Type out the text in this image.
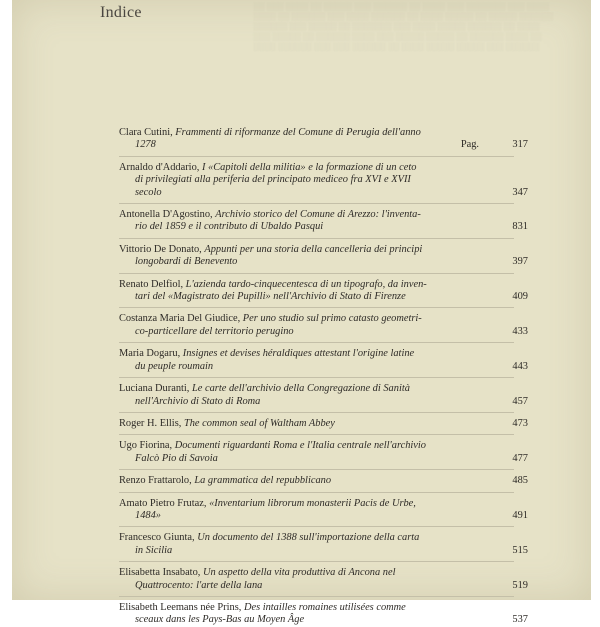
░░ ░░░ ░░░░ ░░ ░░░░░ ░░░ ░░░░░░ ░░ ░░░░ ░░░ ░░░░░░░ ░░░ ░░░░
░░░░ ░░ ░░░░░░ ░░░ ░░░░ ░░░░░░ ░░ ░░░░ ░░░░░ ░░ ░░░░░ ░░░░░░
░░░░░░ ░░░ ░░░░░ ░░ ░░░░░░░ ░░░ ░░░░ ░░░░░ ░░░░░░ ░░ ░░░░
░░░ ░░░░░ ░░ ░░░░░░ ░░░░ ░░░ ░░░░░ ░░░░░ ░░ ░░░░░░ ░░░░ ░░
░░░░ ░░░░░░ ░░░ ░░░ ░░░░░░ ░░ ░░░░ ░░░░░ ░░░░░ ░░░ ░░░░░░
Indice
Clara Cutini, Frammenti di riformanze del Comune di Perugia dell'anno
1278	Pag.	317
Arnaldo d'Addario, I «Capitoli della militia» e la formazione di un ceto
di privilegiati alla periferia del principato mediceo fra XVI e XVII
secolo	347
Antonella D'Agostino, Archivio storico del Comune di Arezzo: l'inventa-
rio del 1859 e il contributo di Ubaldo Pasqui	831
Vittorio De Donato, Appunti per una storia della cancelleria dei principi
longobardi di Benevento	397
Renato Delfiol, L'azienda tardo-cinquecentesca di un tipografo, da inven-
tari del «Magistrato dei Pupilli» nell'Archivio di Stato di Firenze	409
Costanza Maria Del Giudice, Per uno studio sul primo catasto geometri-
co-particellare del territorio perugino	433
Maria Dogaru, Insignes et devises héraldiques attestant l'origine latine
du peuple roumain	443
Luciana Duranti, Le carte dell'archivio della Congregazione di Sanità
nell'Archivio di Stato di Roma	457
Roger H. Ellis, The common seal of Waltham Abbey	473
Ugo Fiorina, Documenti riguardanti Roma e l'Italia centrale nell'archivio
Falcò Pio di Savoia	477
Renzo Frattarolo, La grammatica del repubblicano	485
Amato Pietro Frutaz, «Inventarium librorum monasterii Pacis de Urbe,
1484»	491
Francesco Giunta, Un documento del 1388 sull'importazione della carta
in Sicilia	515
Elisabetta Insabato, Un aspetto della vita produttiva di Ancona nel
Quattrocento: l'arte della lana	519
Elisabeth Leemans née Prins, Des intailles romaines utilisées comme
sceaux dans les Pays-Bas au Moyen Âge	537
